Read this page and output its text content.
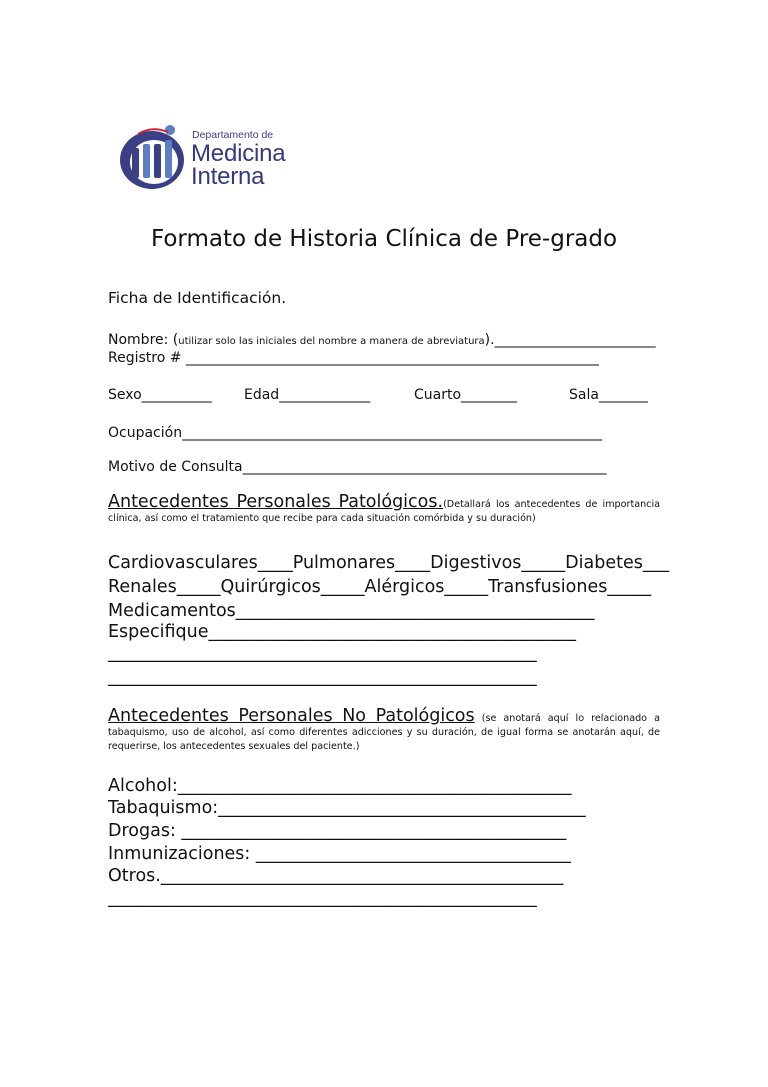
Departamento de
Medicina
Interna
Formato de Historia Clínica de Pre-grado
Ficha de Identificación.
Nombre: (utilizar solo las iniciales del nombre a manera de abreviatura)._______________________
Registro # ___________________________________________________________
Sexo__________ Edad_____________	Cuarto________	Sala_______
Ocupación____________________________________________________________
Motivo de Consulta____________________________________________________
Antecedentes Personales Patológicos.(Detallará los antecedentes de importancia clínica, así como el tratamiento que recibe para cada situación comórbida y su duración)
Cardiovasculares____Pulmonares____Digestivos_____Diabetes___
Renales_____Quirúrgicos_____Alérgicos_____Transfusiones_____
Medicamentos_________________________________________
Especifique__________________________________________
_________________________________________________
_________________________________________________
Antecedentes Personales No Patológicos (se anotará aquí lo relacionado a tabaquismo, uso de alcohol, así como diferentes adicciones y su duración, de igual forma se anotarán aquí, de requerirse, los antecedentes sexuales del paciente.)
Alcohol:_____________________________________________
Tabaquismo:__________________________________________
Drogas: ____________________________________________
Inmunizaciones: ____________________________________
Otros.______________________________________________
_________________________________________________
